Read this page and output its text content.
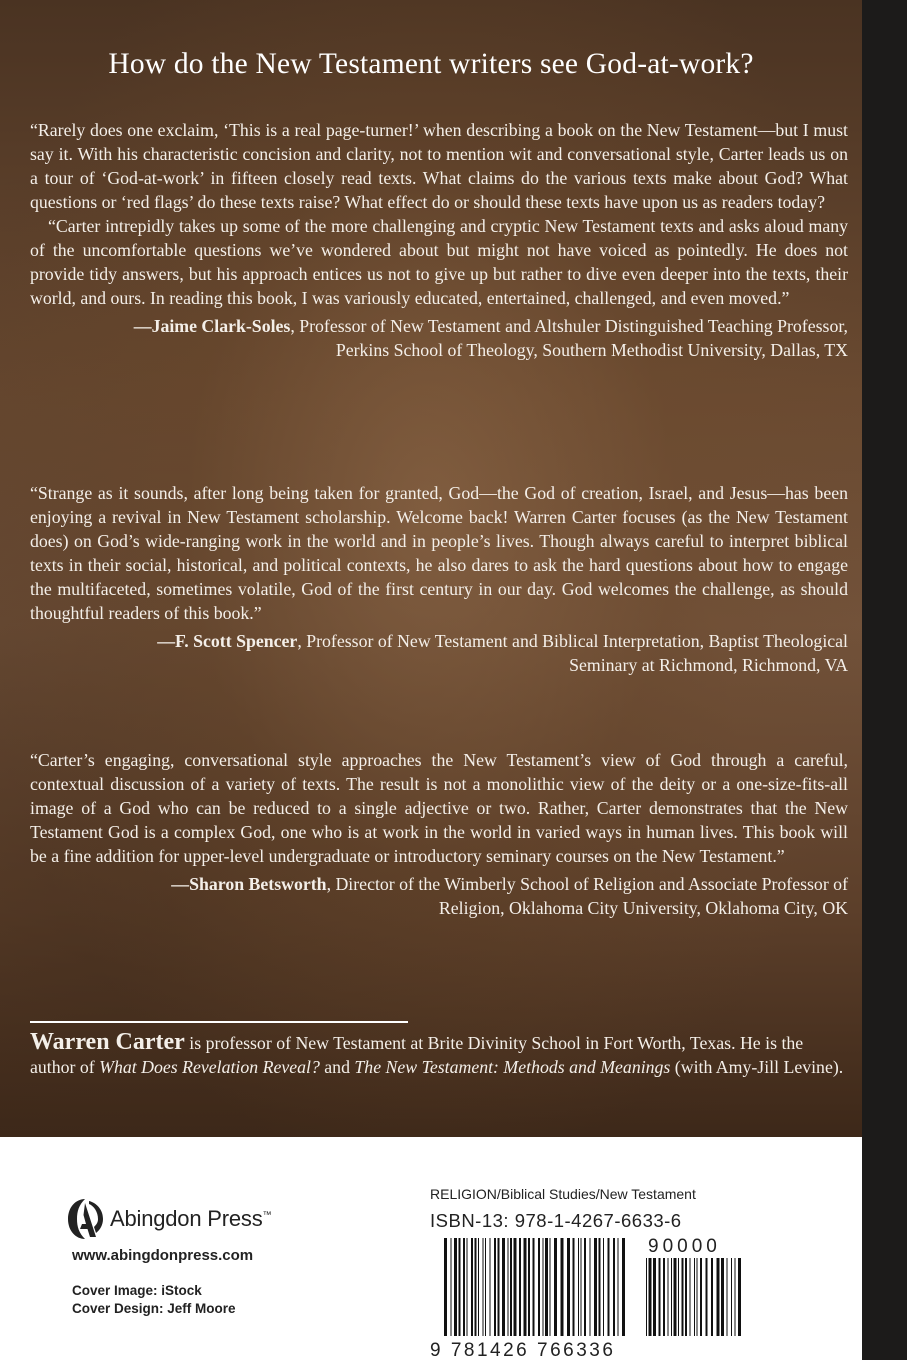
How do the New Testament writers see God-at-work?

“Rarely does one exclaim, ‘This is a real page-turner!’ when describing a book on the New Testament—but I must say it. With his characteristic concision and clarity, not to mention wit and conversational style, Carter leads us on a tour of ‘God-at-work’ in fifteen closely read texts. What claims do the various texts make about God? What questions or ‘red flags’ do these texts raise? What effect do or should these texts have upon us as readers today?

“Carter intrepidly takes up some of the more challenging and cryptic New Testament texts and asks aloud many of the uncomfortable questions we’ve wondered about but might not have voiced as pointedly. He does not provide tidy answers, but his approach entices us not to give up but rather to dive even deeper into the texts, their world, and ours. In reading this book, I was variously educated, entertained, challenged, and even moved.”

—Jaime Clark-Soles, Professor of New Testament and Altshuler Distinguished Teaching Professor,
Perkins School of Theology, Southern Methodist University, Dallas, TX

“Strange as it sounds, after long being taken for granted, God—the God of creation, Israel, and Jesus—has been enjoying a revival in New Testament scholarship. Welcome back! Warren Carter focuses (as the New Testament does) on God’s wide-ranging work in the world and in people’s lives. Though always careful to interpret biblical texts in their social, historical, and political contexts, he also dares to ask the hard questions about how to engage the multifaceted, sometimes volatile, God of the first century in our day. God welcomes the challenge, as should thoughtful readers of this book.”

—F. Scott Spencer, Professor of New Testament and Biblical Interpretation, Baptist Theological
Seminary at Richmond, Richmond, VA

“Carter’s engaging, conversational style approaches the New Testament’s view of God through a careful, contextual discussion of a variety of texts. The result is not a monolithic view of the deity or a one-size-fits-all image of a God who can be reduced to a single adjective or two. Rather, Carter demonstrates that the New Testament God is a complex God, one who is at work in the world in varied ways in human lives. This book will be a fine addition for upper-level undergraduate or introductory seminary courses on the New Testament.”

—Sharon Betsworth, Director of the Wimberly School of Religion and Associate Professor of
Religion, Oklahoma City University, Oklahoma City, OK
Warren Carter is professor of New Testament at Brite Divinity School in Fort Worth, Texas. He is the author of What Does Revelation Reveal? and The New Testament: Methods and Meanings (with Amy-Jill Levine).
Abingdon Press™
www.abingdonpress.com
Cover Image: iStock
Cover Design: Jeff Moore
RELIGION/Biblical Studies/New Testament
ISBN-13: 978-1-4267-6633-6
90000
9 781426 766336
